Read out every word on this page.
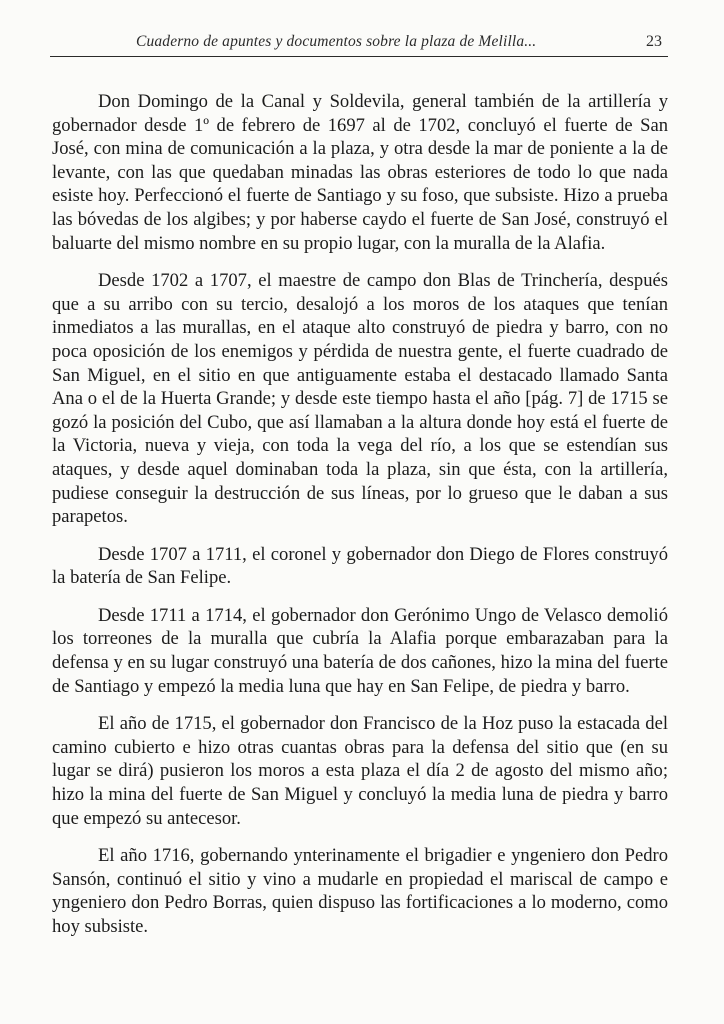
Cuaderno de apuntes y documentos sobre la plaza de Melilla...	23

Don Domingo de la Canal y Soldevila, general también de la artillería y gobernador desde 1º de febrero de 1697 al de 1702, concluyó el fuerte de San José, con mina de comunicación a la plaza, y otra desde la mar de poniente a la de levante, con las que quedaban minadas las obras esteriores de todo lo que nada esiste hoy. Perfeccionó el fuerte de Santiago y su foso, que subsiste. Hizo a prueba las bóvedas de los algibes; y por haberse caydo el fuerte de San José, construyó el baluarte del mismo nombre en su propio lugar, con la muralla de la Alafia.

Desde 1702 a 1707, el maestre de campo don Blas de Trinchería, después que a su arribo con su tercio, desalojó a los moros de los ataques que tenían inmediatos a las murallas, en el ataque alto construyó de piedra y barro, con no poca oposición de los enemigos y pérdida de nuestra gente, el fuerte cuadrado de San Miguel, en el sitio en que antiguamente estaba el destacado llamado Santa Ana o el de la Huerta Grande; y desde este tiempo hasta el año [pág. 7] de 1715 se gozó la posición del Cubo, que así llamaban a la altura donde hoy está el fuerte de la Victoria, nueva y vieja, con toda la vega del río, a los que se estendían sus ataques, y desde aquel dominaban toda la plaza, sin que ésta, con la artillería, pudiese conseguir la destrucción de sus líneas, por lo grueso que le daban a sus parapetos.

Desde 1707 a 1711, el coronel y gobernador don Diego de Flores construyó la batería de San Felipe.

Desde 1711 a 1714, el gobernador don Gerónimo Ungo de Velasco demolió los torreones de la muralla que cubría la Alafia porque embarazaban para la defensa y en su lugar construyó una batería de dos cañones, hizo la mina del fuerte de Santiago y empezó la media luna que hay en San Felipe, de piedra y barro.

El año de 1715, el gobernador don Francisco de la Hoz puso la estacada del camino cubierto e hizo otras cuantas obras para la defensa del sitio que (en su lugar se dirá) pusieron los moros a esta plaza el día 2 de agosto del mismo año; hizo la mina del fuerte de San Miguel y concluyó la media luna de piedra y barro que empezó su antecesor.

El año 1716, gobernando ynterinamente el brigadier e yngeniero don Pedro Sansón, continuó el sitio y vino a mudarle en propiedad el mariscal de campo e yngeniero don Pedro Borras, quien dispuso las fortificaciones a lo moderno, como hoy subsiste.
